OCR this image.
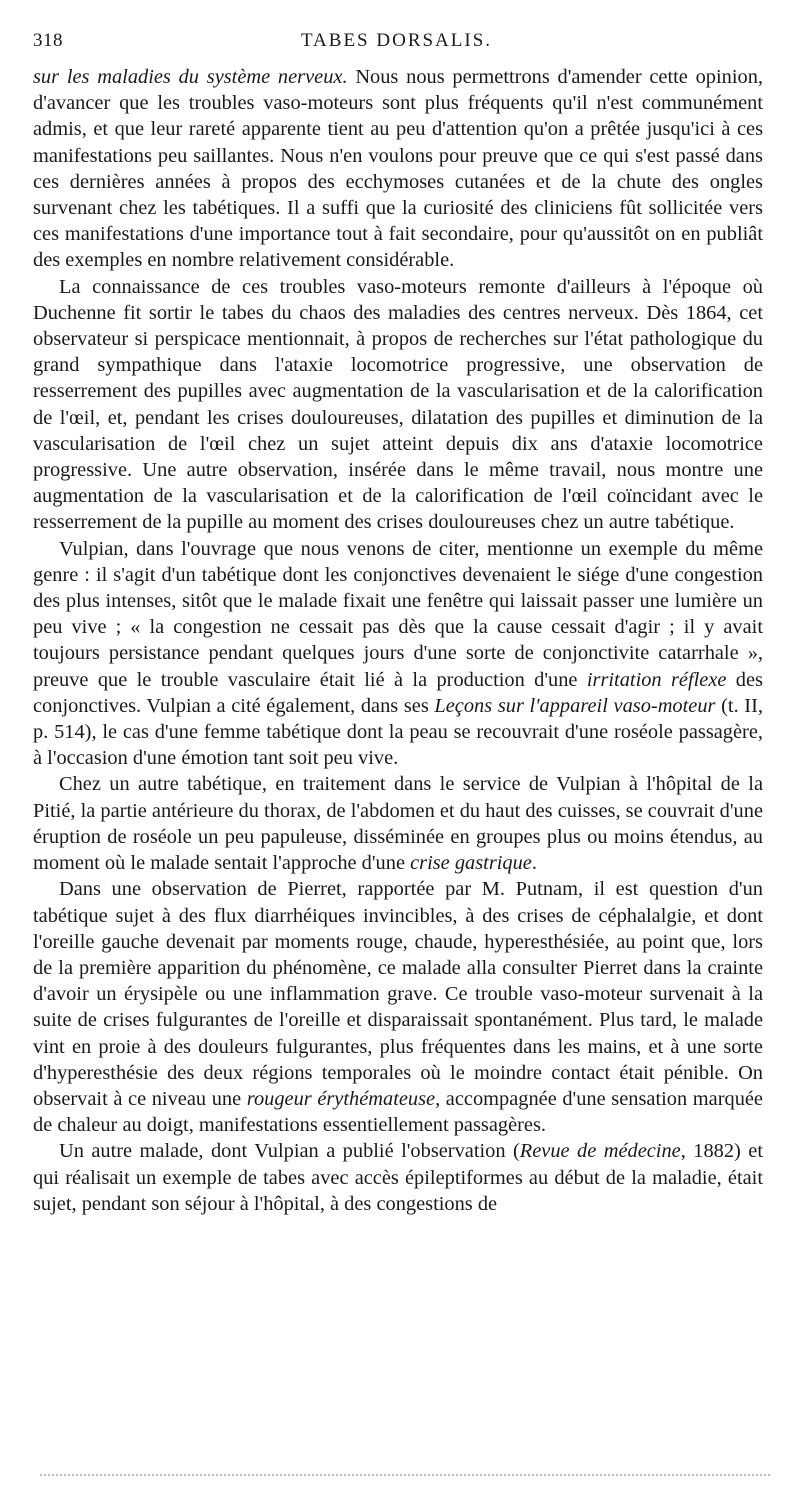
318	TABES DORSALIS.

sur les maladies du système nerveux. Nous nous permettrons d'amender cette opinion, d'avancer que les troubles vaso-moteurs sont plus fréquents qu'il n'est communément admis, et que leur rareté apparente tient au peu d'attention qu'on a prêtée jusqu'ici à ces manifestations peu saillantes. Nous n'en voulons pour preuve que ce qui s'est passé dans ces dernières années à propos des ecchymoses cutanées et de la chute des ongles survenant chez les tabétiques. Il a suffi que la curiosité des cliniciens fût sollicitée vers ces manifestations d'une importance tout à fait secondaire, pour qu'aussitôt on en publiât des exemples en nombre relativement considérable.

La connaissance de ces troubles vaso-moteurs remonte d'ailleurs à l'époque où Duchenne fit sortir le tabes du chaos des maladies des centres nerveux. Dès 1864, cet observateur si perspicace mentionnait, à propos de recherches sur l'état pathologique du grand sympathique dans l'ataxie locomotrice progressive, une observation de resserrement des pupilles avec augmentation de la vascularisation et de la calorification de l'œil, et, pendant les crises douloureuses, dilatation des pupilles et diminution de la vascularisation de l'œil chez un sujet atteint depuis dix ans d'ataxie locomotrice progressive. Une autre observation, insérée dans le même travail, nous montre une augmentation de la vascularisation et de la calorification de l'œil coïncidant avec le resserrement de la pupille au moment des crises douloureuses chez un autre tabétique.

Vulpian, dans l'ouvrage que nous venons de citer, mentionne un exemple du même genre : il s'agit d'un tabétique dont les conjonctives devenaient le siége d'une congestion des plus intenses, sitôt que le malade fixait une fenêtre qui laissait passer une lumière un peu vive ; « la congestion ne cessait pas dès que la cause cessait d'agir ; il y avait toujours persistance pendant quelques jours d'une sorte de conjonctivite catarrhale », preuve que le trouble vasculaire était lié à la production d'une irritation réflexe des conjonctives. Vulpian a cité également, dans ses Leçons sur l'appareil vaso-moteur (t. II, p. 514), le cas d'une femme tabétique dont la peau se recouvrait d'une roséole passagère, à l'occasion d'une émotion tant soit peu vive.

Chez un autre tabétique, en traitement dans le service de Vulpian à l'hôpital de la Pitié, la partie antérieure du thorax, de l'abdomen et du haut des cuisses, se couvrait d'une éruption de roséole un peu papuleuse, disséminée en groupes plus ou moins étendus, au moment où le malade sentait l'approche d'une crise gastrique.

Dans une observation de Pierret, rapportée par M. Putnam, il est question d'un tabétique sujet à des flux diarrhéiques invincibles, à des crises de céphalalgie, et dont l'oreille gauche devenait par moments rouge, chaude, hyperesthésiée, au point que, lors de la première apparition du phénomène, ce malade alla consulter Pierret dans la crainte d'avoir un érysipèle ou une inflammation grave. Ce trouble vaso-moteur survenait à la suite de crises fulgurantes de l'oreille et disparaissait spontanément. Plus tard, le malade vint en proie à des douleurs fulgurantes, plus fréquentes dans les mains, et à une sorte d'hyperesthésie des deux régions temporales où le moindre contact était pénible. On observait à ce niveau une rougeur érythémateuse, accompagnée d'une sensation marquée de chaleur au doigt, manifestations essentiellement passagères.

Un autre malade, dont Vulpian a publié l'observation (Revue de médecine, 1882) et qui réalisait un exemple de tabes avec accès épileptiformes au début de la maladie, était sujet, pendant son séjour à l'hôpital, à des congestions de
